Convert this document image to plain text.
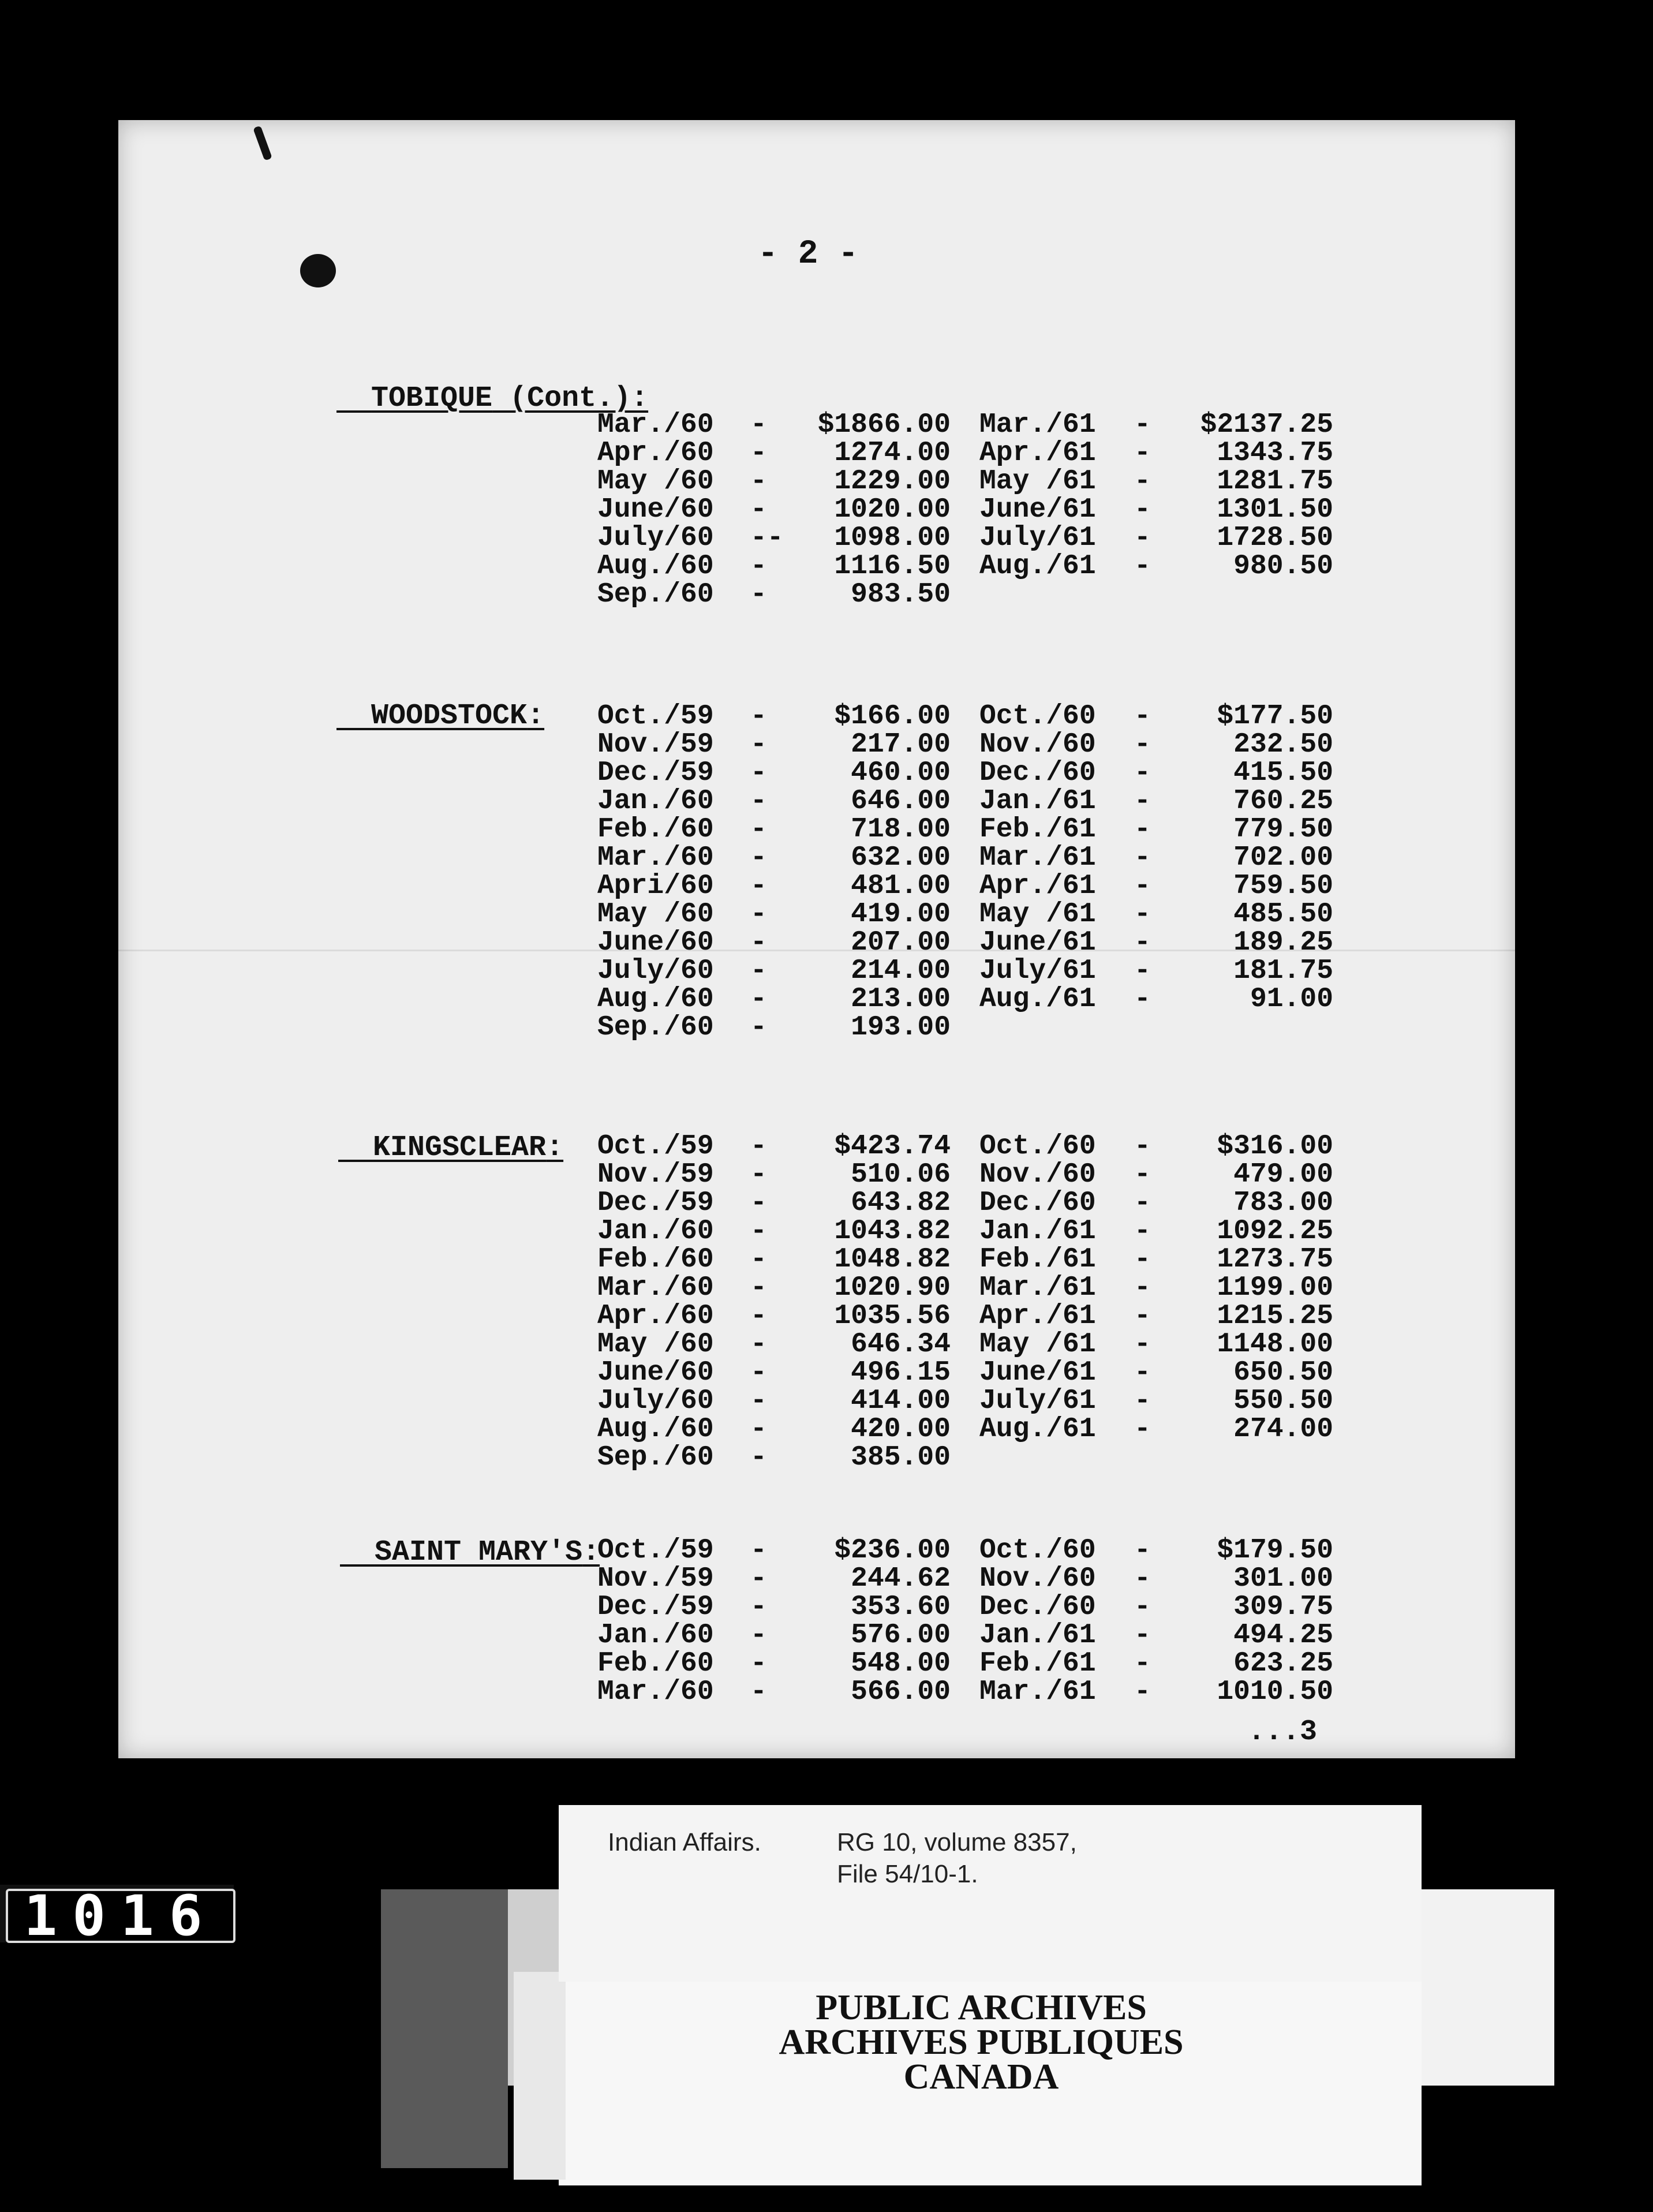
- 2 -

TOBIQUE (Cont.):

Mar./60 -	$1866.00 Mar./61 -	$2137.25
Apr./60 -	1274.00 Apr./61 -	1343.75
May /60 -	1229.00 May /61 -	1281.75
June/60 -	1020.00 June/61 -	1301.50
July/60 --	1098.00 July/61 -	1728.50
Aug./60 -	1116.50 Aug./61 -	980.50
Sep./60 -	983.50

WOODSTOCK: Oct./59 -	$166.00 Oct./60 -	$177.50
Nov./59 -	217.00 Nov./60 -	232.50
Dec./59 -	460.00 Dec./60 -	415.50
Jan./60 -	646.00 Jan./61 -	760.25
Feb./60 -	718.00 Feb./61 -	779.50
Mar./60 -	632.00 Mar./61 -	702.00
Apri/60 -	481.00 Apr./61 -	759.50
May /60 -	419.00 May /61 -	485.50
June/60 -	207.00 June/61 -	189.25
July/60 -	214.00 July/61 -	181.75
Aug./60 -	213.00 Aug./61 -	91.00
Sep./60 -	193.00

KINGSCLEAR: Oct./59 -	$423.74 Oct./60 -	$316.00
Nov./59 -	510.06 Nov./60 -	479.00
Dec./59 -	643.82 Dec./60 -	783.00
Jan./60 -	1043.82 Jan./61 -	1092.25
Feb./60 -	1048.82 Feb./61 -	1273.75
Mar./60 -	1020.90 Mar./61 -	1199.00
Apr./60 -	1035.56 Apr./61 -	1215.25
May /60 -	646.34 May /61 -	1148.00
June/60 -	496.15 June/61 -	650.50
July/60 -	414.00 July/61 -	550.50
Aug./60 -	420.00 Aug./61 -	274.00
Sep./60 -	385.00

SAINT MARY'S:

Oct./59 -	$236.00 Oct./60 -	$179.50
Nov./59 -	244.62 Nov./60 -	301.00
Dec./59 -	353.60 Dec./60 -	309.75
Jan./60 -	576.00 Jan./61 -	494.25
Feb./60 -	548.00 Feb./61 -	623.25
Mar./60 -	566.00 Mar./61 -	1010.50
...3
1016
Indian Affairs.	RG 10, volume 8357,
File 54/10-1.
PUBLIC ARCHIVES
ARCHIVES PUBLIQUES
CANADA
